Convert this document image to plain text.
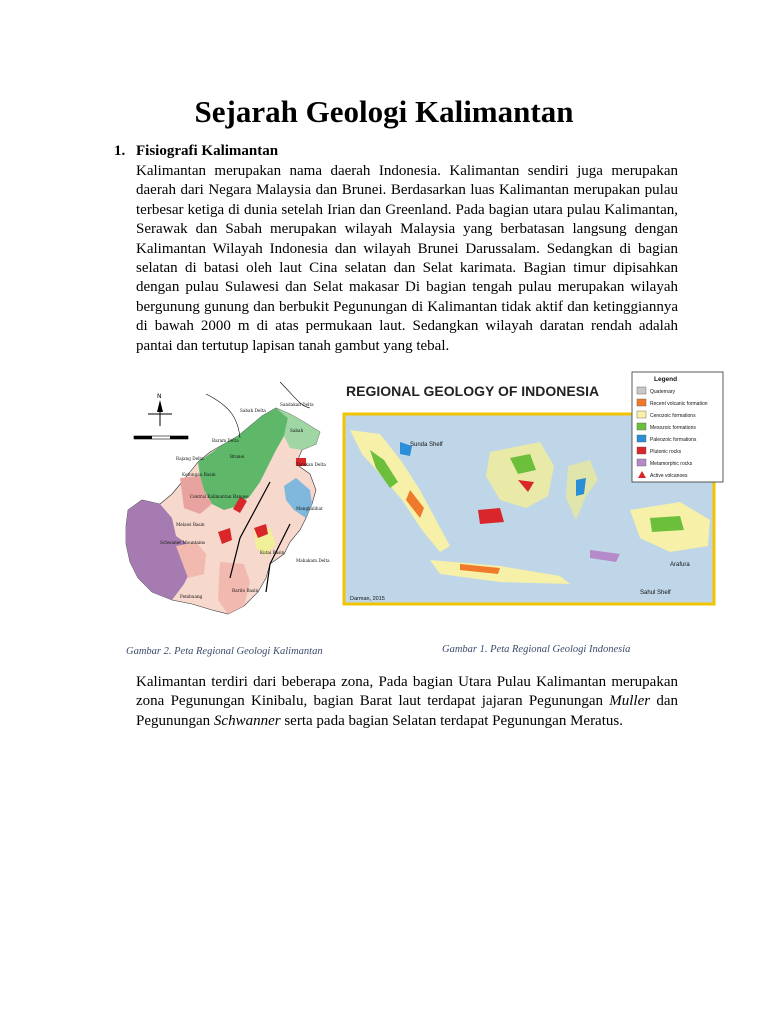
Sejarah Geologi Kalimantan
1. Fisiografi Kalimantan
Kalimantan merupakan nama daerah Indonesia. Kalimantan sendiri juga merupakan daerah dari Negara Malaysia dan Brunei. Berdasarkan luas Kalimantan merupakan pulau terbesar ketiga di dunia setelah Irian dan Greenland. Pada bagian utara pulau Kalimantan, Serawak dan Sabah merupakan wilayah Malaysia yang berbatasan langsung dengan Kalimantan Wilayah Indonesia dan wilayah Brunei Darussalam. Sedangkan di bagian selatan di batasi oleh laut Cina selatan dan Selat karimata. Bagian timur dipisahkan dengan pulau Sulawesi dan Selat makasar Di bagian tengah pulau merupakan wilayah bergunung gunung dan berbukit Pegunungan di Kalimantan tidak aktif dan ketinggiannya di bawah 2000 m di atas permukaan laut. Sedangkan wilayah daratan rendah adalah pantai dan tertutup lapisan tanah gambut yang tebal.
N
Sandakan Delta
Sabah Delta
Sabah
Baram Delta
Tarakan Delta
Brunei
Rajang Delta
Ketungau Basin
Central Kalimantan Ranges
Melawi Basin
Mangkalihat
Schwaner Mountains
Kutai Basin
Mahakam Delta
Barito Basin
Pembuang
REGIONAL GEOLOGY OF INDONESIA
Sunda Shelf
Sahul Shelf
Arafura
Darman, 2015
Legend
Quaternary
Recent volcanic formation
Cenozoic formations
Mesozoic formations
Paleozoic formations
Plutonic rocks
Metamorphic rocks
Active volcanoes
Gambar 2. Peta Regional Geologi Kalimantan	Gambar 1. Peta Regional Geologi Indonesia
Kalimantan terdiri dari beberapa zona, Pada bagian Utara Pulau Kalimantan merupakan zona Pegunungan Kinibalu, bagian Barat laut terdapat jajaran Pegunungan Muller dan Pegunungan Schwanner serta pada bagian Selatan terdapat Pegunungan Meratus.
